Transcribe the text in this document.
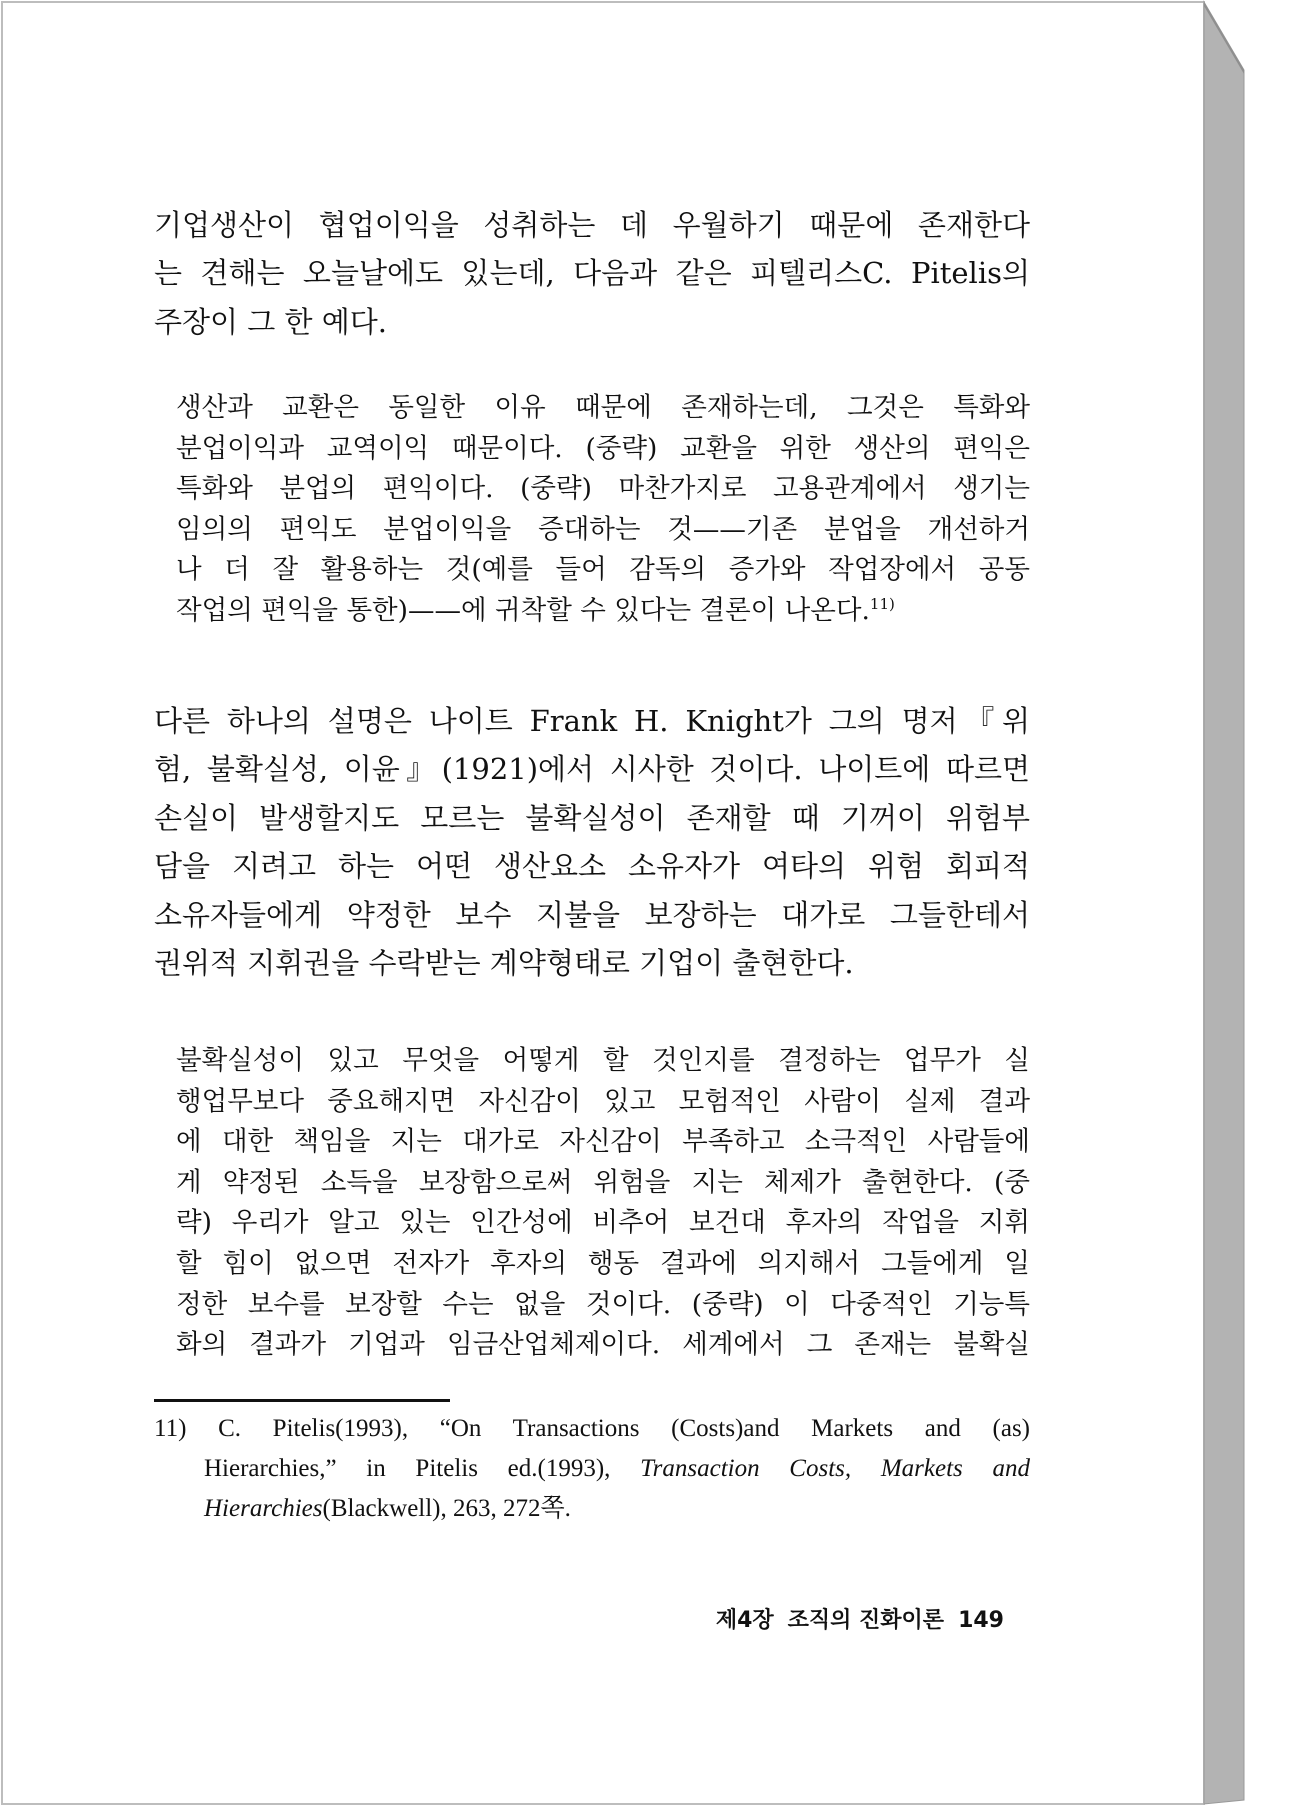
기업생산이 협업이익을 성취하는 데 우월하기 때문에 존재한다
는 견해는 오늘날에도 있는데, 다음과 같은 피텔리스C. Pitelis의
주장이 그 한 예다.
생산과 교환은 동일한 이유 때문에 존재하는데, 그것은 특화와
분업이익과 교역이익 때문이다. (중략) 교환을 위한 생산의 편익은
특화와 분업의 편익이다. (중략) 마찬가지로 고용관계에서 생기는
임의의 편익도 분업이익을 증대하는 것——기존 분업을 개선하거
나 더 잘 활용하는 것(예를 들어 감독의 증가와 작업장에서 공동
작업의 편익을 통한)——에 귀착할 수 있다는 결론이 나온다.$^{11)}$
다른 하나의 설명은 나이트 Frank H. Knight가 그의 명저『위
험, 불확실성, 이윤』(1921)에서 시사한 것이다. 나이트에 따르면
손실이 발생할지도 모르는 불확실성이 존재할 때 기꺼이 위험부
담을 지려고 하는 어떤 생산요소 소유자가 여타의 위험 회피적
소유자들에게 약정한 보수 지불을 보장하는 대가로 그들한테서
권위적 지휘권을 수락받는 계약형태로 기업이 출현한다.
불확실성이 있고 무엇을 어떻게 할 것인지를 결정하는 업무가 실
행업무보다 중요해지면 자신감이 있고 모험적인 사람이 실제 결과
에 대한 책임을 지는 대가로 자신감이 부족하고 소극적인 사람들에
게 약정된 소득을 보장함으로써 위험을 지는 체제가 출현한다. (중
략) 우리가 알고 있는 인간성에 비추어 보건대 후자의 작업을 지휘
할 힘이 없으면 전자가 후자의 행동 결과에 의지해서 그들에게 일
정한 보수를 보장할 수는 없을 것이다. (중략) 이 다중적인 기능특
화의 결과가 기업과 임금산업체제이다. 세계에서 그 존재는 불확실
11) C. Pitelis(1993), “On Transactions (Costs)and Markets and (as)
Hierarchies,” in Pitelis ed.(1993), Transaction Costs, Markets and
Hierarchies(Blackwell), 263, 272쪽.
제4장 조직의 진화이론 149
